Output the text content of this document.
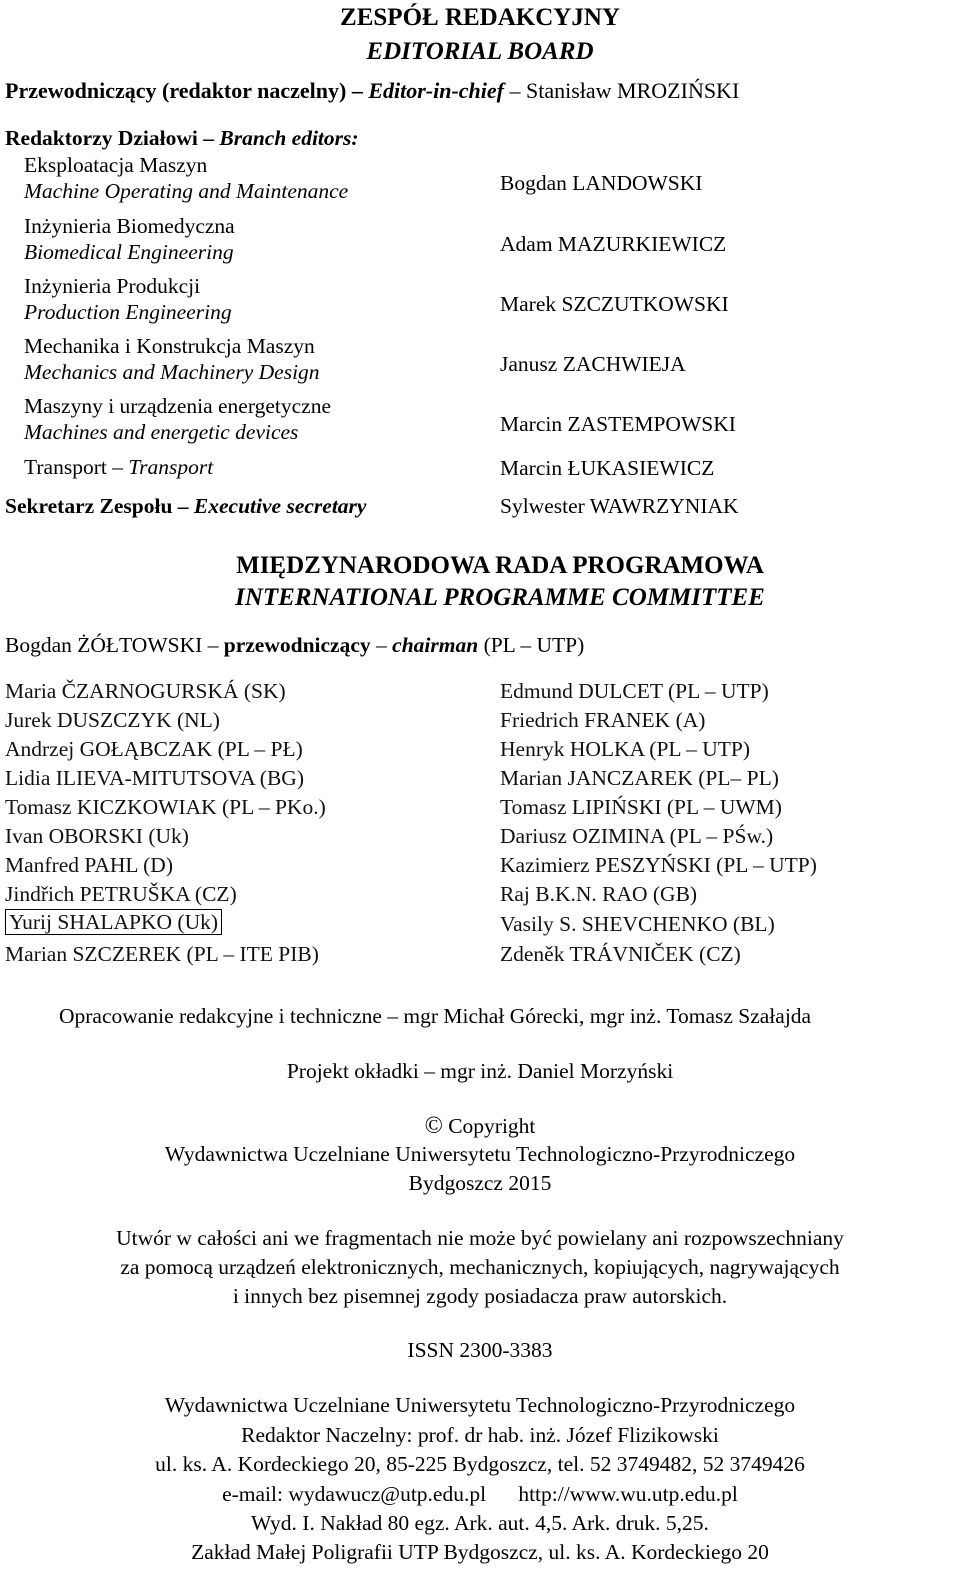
ZESPÓŁ REDAKCYJNY
EDITORIAL BOARD
Przewodniczący (redaktor naczelny) – Editor-in-chief – Stanisław MROZIŃSKI
Redaktorzy Działowi – Branch editors:
Eksploatacja Maszyn
Machine Operating and Maintenance	Bogdan LANDOWSKI
Inżynieria Biomedyczna
Biomedical Engineering	Adam MAZURKIEWICZ
Inżynieria Produkcji
Production Engineering	Marek SZCZUTKOWSKI
Mechanika i Konstrukcja Maszyn
Mechanics and Machinery Design	Janusz ZACHWIEJA
Maszyny i urządzenia energetyczne
Machines and energetic devices	Marcin ZASTEMPOWSKI
Transport – Transport	Marcin ŁUKASIEWICZ
Sekretarz Zespołu – Executive secretary	Sylwester WAWRZYNIAK
MIĘDZYNARODOWA RADA PROGRAMOWA
INTERNATIONAL PROGRAMME COMMITTEE
Bogdan ŻÓŁTOWSKI – przewodniczący – chairman (PL – UTP)
Maria ČZARNOGURSKÁ (SK)
Jurek DUSZCZYK (NL)
Andrzej GOŁĄBCZAK (PL – PŁ)
Lidia ILIEVA-MITUTSOVA (BG)
Tomasz KICZKOWIAK (PL – PKo.)
Ivan OBORSKI (Uk)
Manfred PAHL (D)
Jindřich PETRUŠKA (CZ)
Yurij SHALAPKO (Uk)
Marian SZCZEREK (PL – ITE PIB)
Edmund DULCET (PL – UTP)
Friedrich FRANEK (A)
Henryk HOLKA (PL – UTP)
Marian JANCZAREK (PL– PL)
Tomasz LIPIŃSKI (PL – UWM)
Dariusz OZIMINA (PL – PŚw.)
Kazimierz PESZYŃSKI (PL – UTP)
Raj B.K.N. RAO (GB)
Vasily S. SHEVCHENKO (BL)
Zdeněk TRÁVNIČEK (CZ)
Opracowanie redakcyjne i techniczne – mgr Michał Górecki, mgr inż. Tomasz Szałajda
Projekt okładki – mgr inż. Daniel Morzyński
© Copyright
Wydawnictwa Uczelniane Uniwersytetu Technologiczno-Przyrodniczego
Bydgoszcz 2015
Utwór w całości ani we fragmentach nie może być powielany ani rozpowszechniany
za pomocą urządzeń elektronicznych, mechanicznych, kopiujących, nagrywających
i innych bez pisemnej zgody posiadacza praw autorskich.
ISSN 2300-3383
Wydawnictwa Uczelniane Uniwersytetu Technologiczno-Przyrodniczego
Redaktor Naczelny: prof. dr hab. inż. Józef Flizikowski
ul. ks. A. Kordeckiego 20, 85-225 Bydgoszcz, tel. 52 3749482, 52 3749426
e-mail: wydawucz@utp.edu.pl      http://www.wu.utp.edu.pl
Wyd. I. Nakład 80 egz. Ark. aut. 4,5. Ark. druk. 5,25.
Zakład Małej Poligrafii UTP Bydgoszcz, ul. ks. A. Kordeckiego 20
